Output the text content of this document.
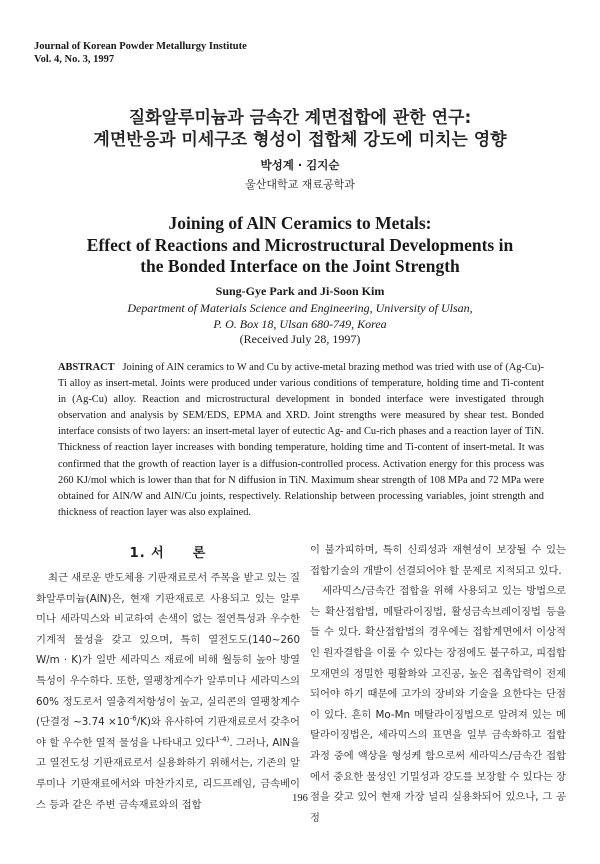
Journal of Korean Powder Metallurgy Institute
Vol. 4, No. 3, 1997
질화알루미늄과 금속간 계면접합에 관한 연구:
계면반응과 미세구조 형성이 접합체 강도에 미치는 영향
박성계 · 김지순
울산대학교 재료공학과
Joining of AlN Ceramics to Metals:
Effect of Reactions and Microstructural Developments in
the Bonded Interface on the Joint Strength
Sung-Gye Park and Ji-Soon Kim
Department of Materials Science and Engineering, University of Ulsan,
P. O. Box 18, Ulsan 680-749, Korea
(Received July 28, 1997)
ABSTRACT Joining of AlN ceramics to W and Cu by active-metal brazing method was tried with use of (Ag-Cu)-Ti alloy as insert-metal. Joints were produced under various conditions of temperature, holding time and Ti-content in (Ag-Cu) alloy. Reaction and microstructural development in bonded interface were investigated through observation and analysis by SEM/EDS, EPMA and XRD. Joint strengths were measured by shear test. Bonded interface consists of two layers: an insert-metal layer of eutectic Ag- and Cu-rich phases and a reaction layer of TiN. Thickness of reaction layer increases with bonding temperature, holding time and Ti-content of insert-metal. It was confirmed that the growth of reaction layer is a diffusion-controlled process. Activation energy for this process was 260 KJ/mol which is lower than that for N diffusion in TiN. Maximum shear strength of 108 MPa and 72 MPa were obtained for AlN/W and AlN/Cu joints, respectively. Relationship between processing variables, joint strength and thickness of reaction layer was also explained.
1. 서　　론

최근 새로운 반도체용 기판재료로서 주목을 받고 있는 질화알루미늄(AlN)은, 현재 기판재료로 사용되고 있는 알루미나 세라믹스와 비교하여 손색이 없는 절연특성과 우수한 기계적 물성을 갖고 있으며, 특히 열전도도(140~260 W/m · K)가 일반 세라믹스 재료에 비해 월등히 높아 방열특성이 우수하다. 또한, 열팽창계수가 알루미나 세라믹스의 60% 정도로서 열충격저항성이 높고, 실리콘의 열팽창계수(단결정 ~3.74 $\times 10^{-6}/K$)와 유사하여 기판재료로서 갖추어야 할 우수한 열적 물성을 나타내고 있다$^{1-4)}$. 그러나, AlN을 고 열전도성 기판재료로서 실용화하기 위해서는, 기존의 알루미나 기판재료에서와 마찬가지로, 리드프레임, 금속베이스 등과 같은 주변 금속재료와의 접합

이 불가피하며, 특히 신뢰성과 재현성이 보장될 수 있는 접합기술의 개발이 선결되어야 할 문제로 지적되고 있다.

세라믹스/금속간 접합을 위해 사용되고 있는 방법으로는 확산접합법, 메탈라이징법, 활성금속브레이징법 등을 들 수 있다. 확산접합법의 경우에는 접합계면에서 이상적인 원자결합을 이룰 수 있다는 장점에도 불구하고, 피접합 모재면의 정밀한 평활화와 고진공, 높은 접촉압력이 전제되어야 하기 때문에 고가의 장비와 기술을 요한다는 단점이 있다. 흔히 Mo-Mn 메탈라이징법으로 알려져 있는 메탈라이징법은, 세라믹스의 표면을 일부 금속화하고 접합 과정 중에 액상을 형성케 함으로써 세라믹스/금속간 접합에서 중요한 물성인 기밀성과 강도를 보장할 수 있다는 장점을 갖고 있어 현재 가장 널리 실용화되어 있으나, 그 공정

196
